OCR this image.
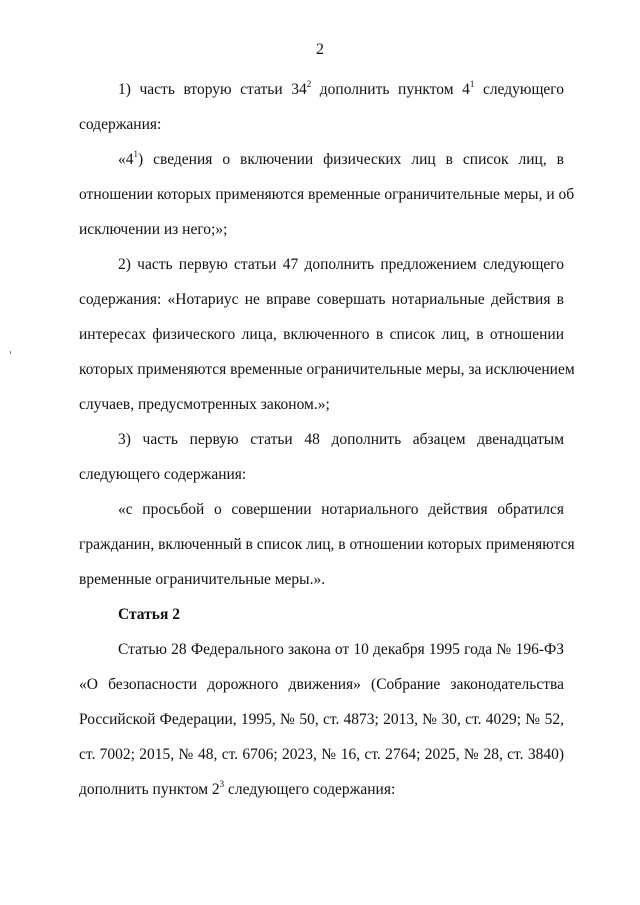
2
1) часть вторую статьи $34^2$ дополнить пунктом $4^1$ следующего
содержания:
«$4^1$) сведения о включении физических лиц в список лиц, в
отношении которых применяются временные ограничительные меры, и об
исключении из него;»;
2) часть первую статьи 47 дополнить предложением следующего
содержания: «Нотариус не вправе совершать нотариальные действия в
интересах физического лица, включенного в список лиц, в отношении
которых применяются временные ограничительные меры, за исключением
случаев, предусмотренных законом.»;
3) часть первую статьи 48 дополнить абзацем двенадцатым
следующего содержания:
«с просьбой о совершении нотариального действия обратился
гражданин, включенный в список лиц, в отношении которых применяются
временные ограничительные меры.».
Статья 2
Статью 28 Федерального закона от 10 декабря 1995 года № 196-ФЗ
«О безопасности дорожного движения» (Собрание законодательства
Российской Федерации, 1995, № 50, ст. 4873; 2013, № 30, ст. 4029; № 52,
ст. 7002; 2015, № 48, ст. 6706; 2023, № 16, ст. 2764; 2025, № 28, ст. 3840)
дополнить пунктом $2^3$ следующего содержания:
